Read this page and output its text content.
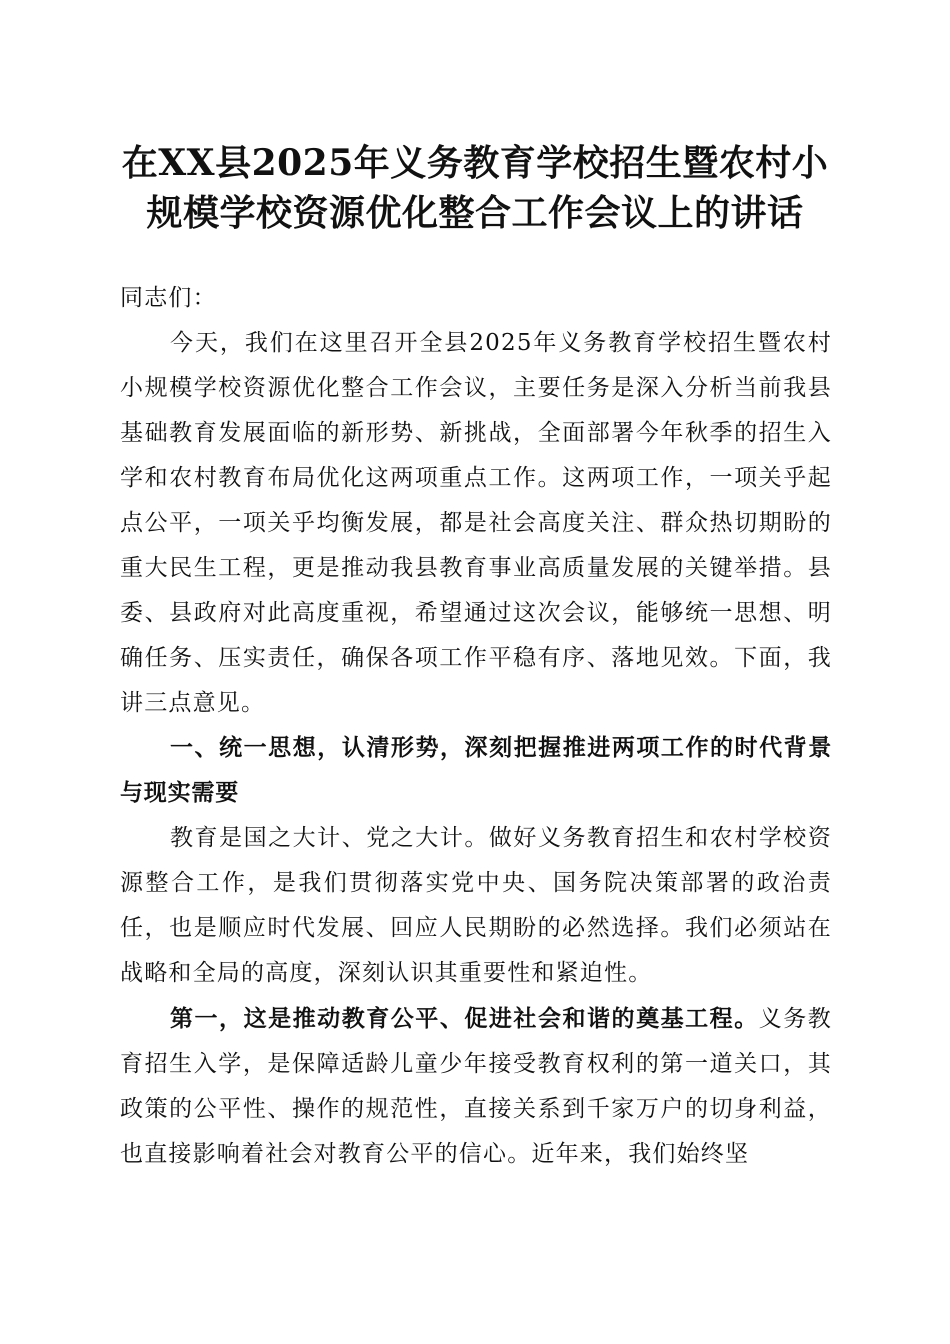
在XX县2025年义务教育学校招生暨农村小
规模学校资源优化整合工作会议上的讲话

同志们：

今天，我们在这里召开全县2025年义务教育学校招生暨农村小规模学校资源优化整合工作会议，主要任务是深入分析当前我县基础教育发展面临的新形势、新挑战，全面部署今年秋季的招生入学和农村教育布局优化这两项重点工作。这两项工作，一项关乎起点公平，一项关乎均衡发展，都是社会高度关注、群众热切期盼的重大民生工程，更是推动我县教育事业高质量发展的关键举措。县委、县政府对此高度重视，希望通过这次会议，能够统一思想、明确任务、压实责任，确保各项工作平稳有序、落地见效。下面，我讲三点意见。

一、统一思想，认清形势，深刻把握推进两项工作的时代背景与现实需要

教育是国之大计、党之大计。做好义务教育招生和农村学校资源整合工作，是我们贯彻落实党中央、国务院决策部署的政治责任，也是顺应时代发展、回应人民期盼的必然选择。我们必须站在战略和全局的高度，深刻认识其重要性和紧迫性。

第一，这是推动教育公平、促进社会和谐的奠基工程。义务教育招生入学，是保障适龄儿童少年接受教育权利的第一道关口，其政策的公平性、操作的规范性，直接关系到千家万户的切身利益，也直接影响着社会对教育公平的信心。近年来，我们始终坚
